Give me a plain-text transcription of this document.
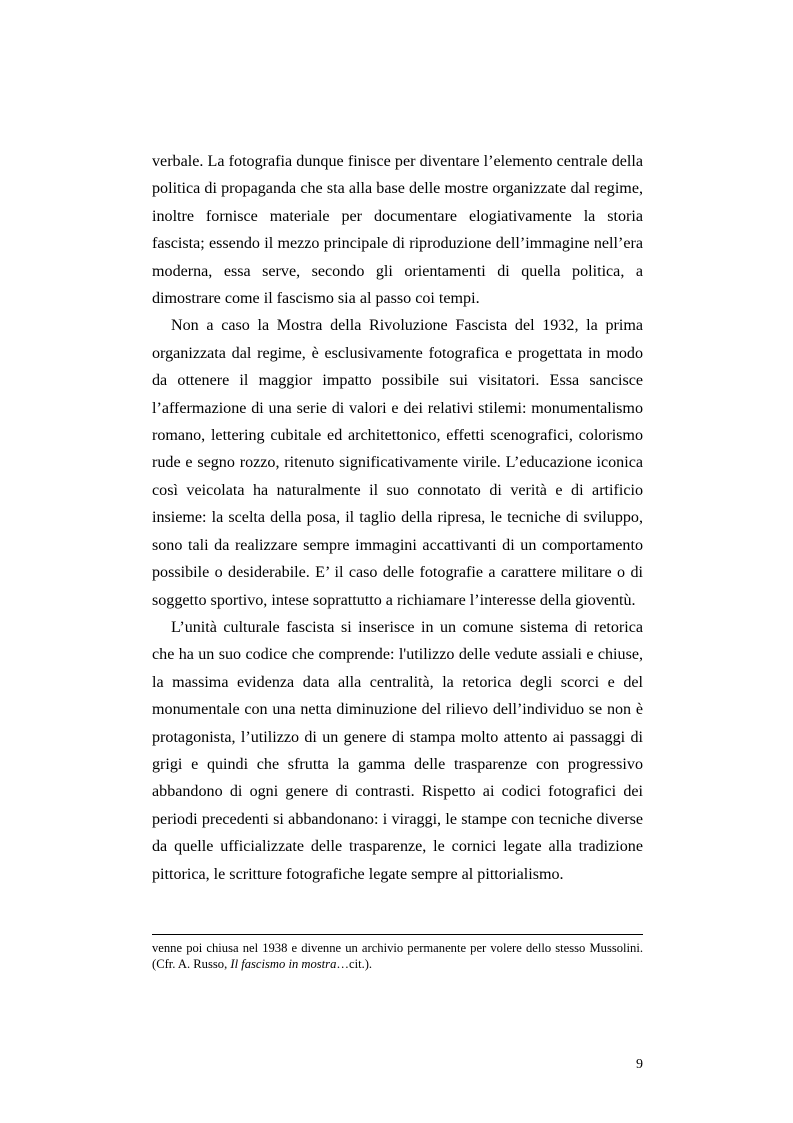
verbale. La fotografia dunque finisce per diventare l’elemento centrale della politica di propaganda che sta alla base delle mostre organizzate dal regime, inoltre fornisce materiale per documentare elogiativamente la storia fascista; essendo il mezzo principale di riproduzione dell’immagine nell’era moderna, essa serve, secondo gli orientamenti di quella politica, a dimostrare come il fascismo sia al passo coi tempi.

Non a caso la Mostra della Rivoluzione Fascista del 1932, la prima organizzata dal regime, è esclusivamente fotografica e progettata in modo da ottenere il maggior impatto possibile sui visitatori. Essa sancisce l’affermazione di una serie di valori e dei relativi stilemi: monumentalismo romano, lettering cubitale ed architettonico, effetti scenografici, colorismo rude e segno rozzo, ritenuto significativamente virile. L’educazione iconica così veicolata ha naturalmente il suo connotato di verità e di artificio insieme: la scelta della posa, il taglio della ripresa, le tecniche di sviluppo, sono tali da realizzare sempre immagini accattivanti di un comportamento possibile o desiderabile. E’ il caso delle fotografie a carattere militare o di soggetto sportivo, intese soprattutto a richiamare l’interesse della gioventù.

L’unità culturale fascista si inserisce in un comune sistema di retorica che ha un suo codice che comprende: l'utilizzo delle vedute assiali e chiuse, la massima evidenza data alla centralità, la retorica degli scorci e del monumentale con una netta diminuzione del rilievo dell’individuo se non è protagonista, l’utilizzo di un genere di stampa molto attento ai passaggi di grigi e quindi che sfrutta la gamma delle trasparenze con progressivo abbandono di ogni genere di contrasti. Rispetto ai codici fotografici dei periodi precedenti si abbandonano: i viraggi, le stampe con tecniche diverse da quelle ufficializzate delle trasparenze, le cornici legate alla tradizione pittorica, le scritture fotografiche legate sempre al pittorialismo.

venne poi chiusa nel 1938 e divenne un archivio permanente per volere dello stesso Mussolini. (Cfr. A. Russo, Il fascismo in mostra…cit.).

9
